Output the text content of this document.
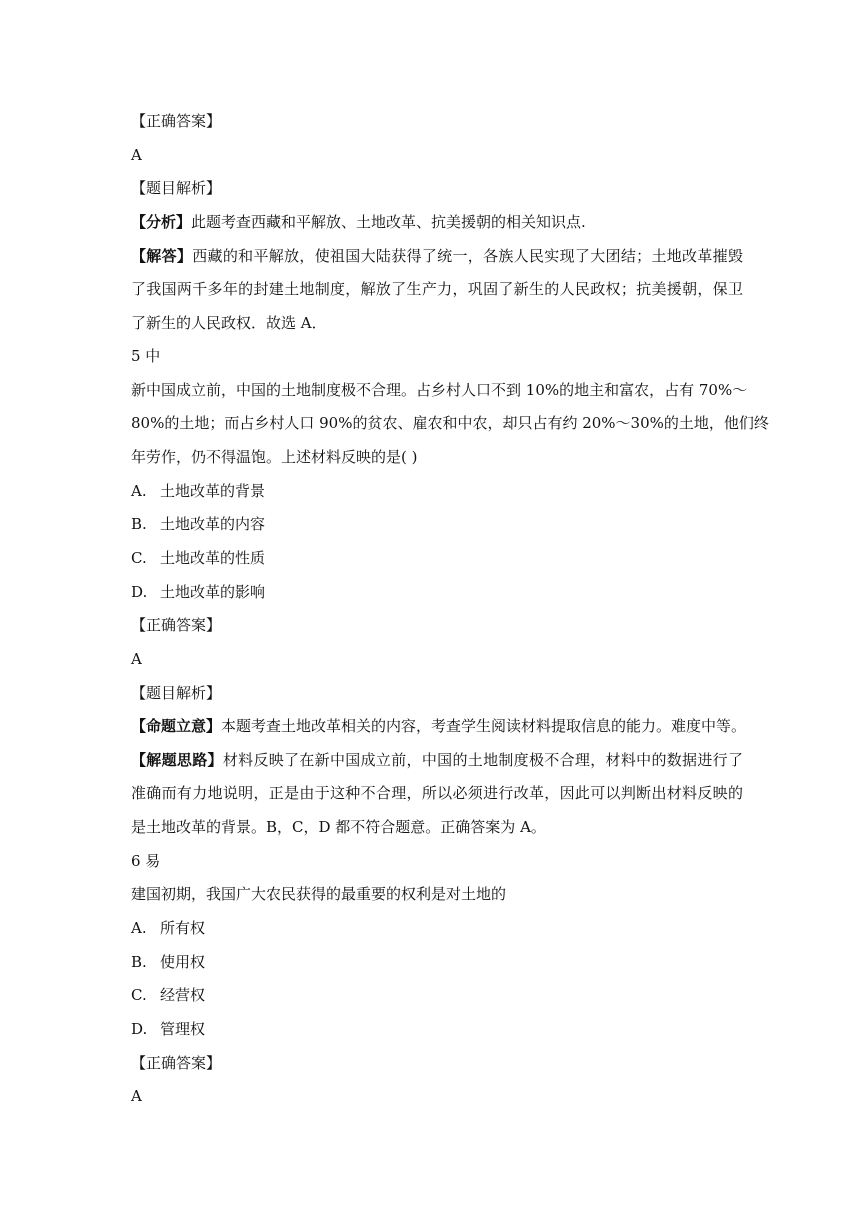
【正确答案】
A
【题目解析】
【分析】此题考查西藏和平解放、土地改革、抗美援朝的相关知识点.
【解答】西藏的和平解放，使祖国大陆获得了统一，各族人民实现了大团结；土地改革摧毁
了我国两千多年的封建土地制度，解放了生产力，巩固了新生的人民政权；抗美援朝，保卫
了新生的人民政权．故选 A．
5 中
新中国成立前，中国的土地制度极不合理。占乡村人口不到 10%的地主和富农，占有 70%～
80%的土地；而占乡村人口 90%的贫农、雇农和中农，却只占有约 20%～30%的土地，他们终
年劳作，仍不得温饱。上述材料反映的是( )
A. 土地改革的背景
B. 土地改革的内容
C. 土地改革的性质
D. 土地改革的影响
【正确答案】
A
【题目解析】
【命题立意】本题考查土地改革相关的内容，考查学生阅读材料提取信息的能力。难度中等。
【解题思路】材料反映了在新中国成立前，中国的土地制度极不合理，材料中的数据进行了
准确而有力地说明，正是由于这种不合理，所以必须进行改革，因此可以判断出材料反映的
是土地改革的背景。B，C，D 都不符合题意。正确答案为 A。
6 易
建国初期，我国广大农民获得的最重要的权利是对土地的
A. 所有权
B. 使用权
C. 经营权
D. 管理权
【正确答案】
A
